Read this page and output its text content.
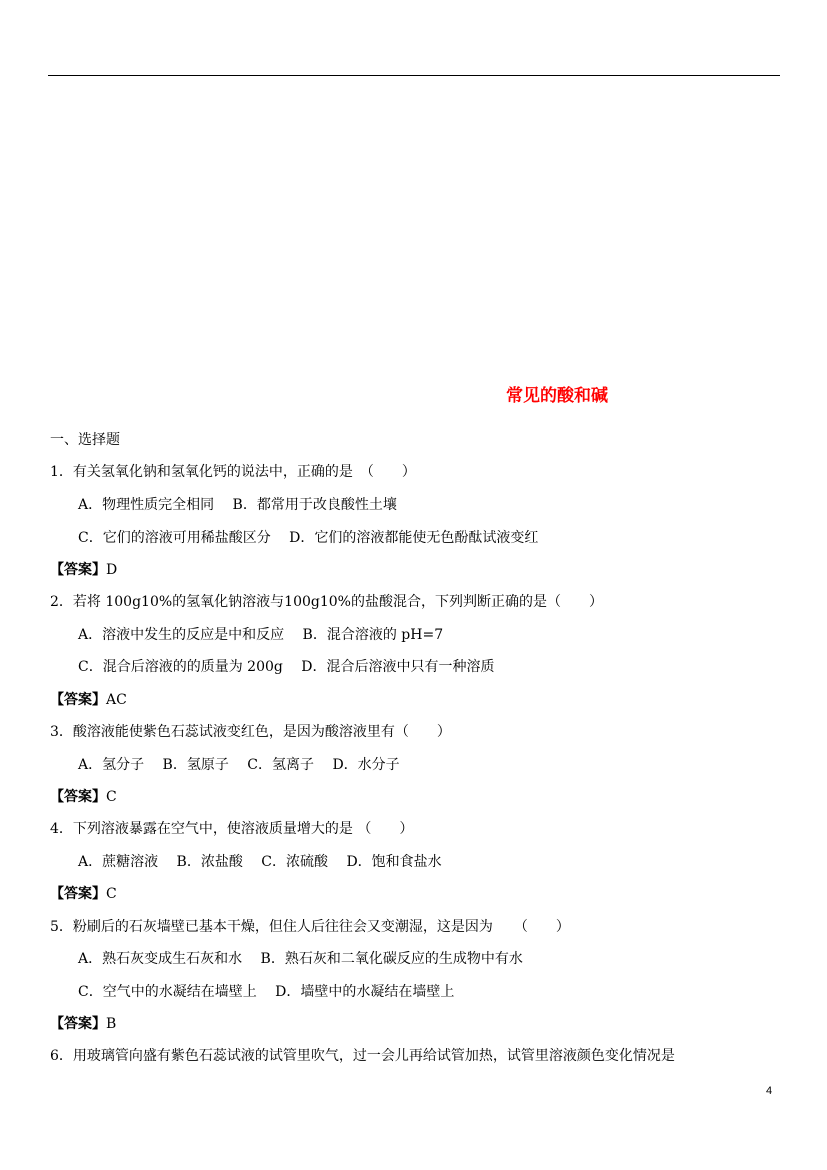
常见的酸和碱
一、选择题
1．有关氢氧化钠和氢氧化钙的说法中，正确的是　（　　）
A．物理性质完全相同　 B．都常用于改良酸性土壤
C．它们的溶液可用稀盐酸区分　 D．它们的溶液都能使无色酚酞试液变红
【答案】D
2．若将 100g10%的氢氧化钠溶液与100g10%的盐酸混合，下列判断正确的是（　　）
A．溶液中发生的反应是中和反应　 B．混合溶液的 pH=7
C．混合后溶液的的质量为 200g　 D．混合后溶液中只有一种溶质
【答案】AC
3．酸溶液能使紫色石蕊试液变红色，是因为酸溶液里有（　　）
A．氢分子　 B．氢原子　 C．氢离子　 D．水分子
【答案】C
4．下列溶液暴露在空气中，使溶液质量增大的是 （　　）
A．蔗糖溶液　 B．浓盐酸　 C．浓硫酸　 D．饱和食盐水
【答案】C
5．粉刷后的石灰墙壁已基本干燥，但住人后往往会又变潮湿，这是因为　　（　　）
A．熟石灰变成生石灰和水　 B．熟石灰和二氧化碳反应的生成物中有水
C．空气中的水凝结在墙壁上　 D．墙壁中的水凝结在墙壁上
【答案】B
6．用玻璃管向盛有紫色石蕊试液的试管里吹气，过一会儿再给试管加热，试管里溶液颜色变化情况是
4
